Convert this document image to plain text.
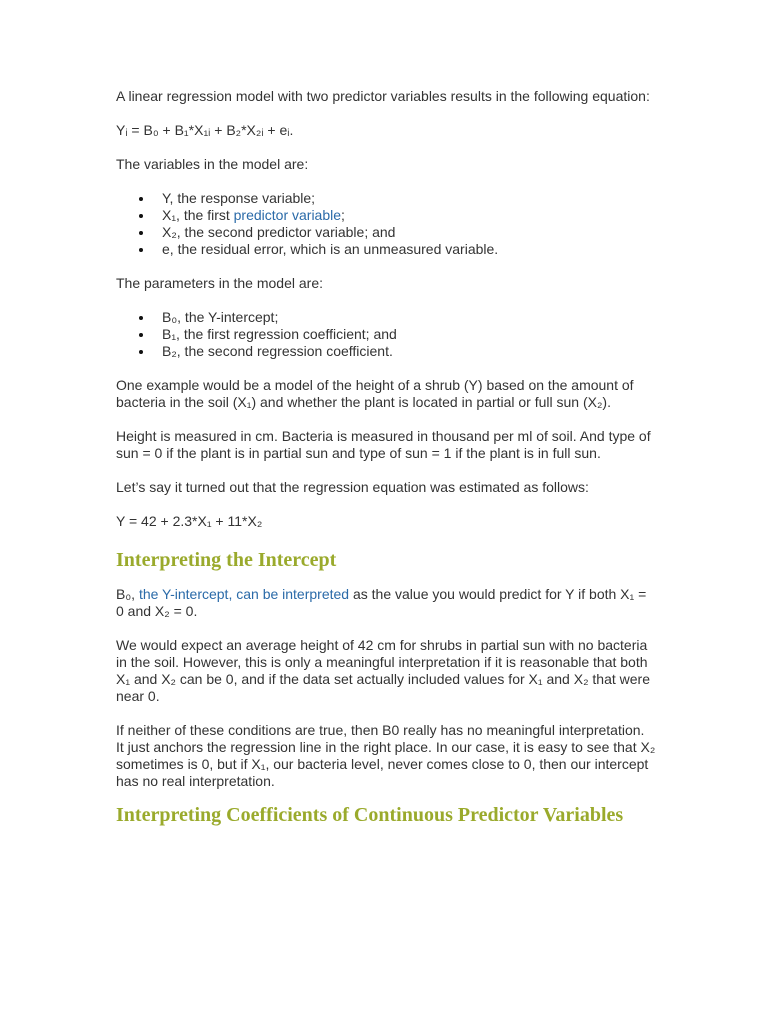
A linear regression model with two predictor variables results in the following equation:

Yᵢ = B₀ + B₁*X₁ᵢ + B₂*X₂ᵢ + eᵢ.

The variables in the model are:

Y, the response variable;
X₁, the first predictor variable;
X₂, the second predictor variable; and
e, the residual error, which is an unmeasured variable.

The parameters in the model are:

B₀, the Y-intercept;
B₁, the first regression coefficient; and
B₂, the second regression coefficient.

One example would be a model of the height of a shrub (Y) based on the amount of bacteria in the soil (X₁) and whether the plant is located in partial or full sun (X₂).

Height is measured in cm. Bacteria is measured in thousand per ml of soil. And type of sun = 0 if the plant is in partial sun and type of sun = 1 if the plant is in full sun.

Let’s say it turned out that the regression equation was estimated as follows:

Y = 42 + 2.3*X₁ + 11*X₂

Interpreting the Intercept

B₀, the Y-intercept, can be interpreted as the value you would predict for Y if both X₁ = 0 and X₂ = 0.

We would expect an average height of 42 cm for shrubs in partial sun with no bacteria in the soil. However, this is only a meaningful interpretation if it is reasonable that both X₁ and X₂ can be 0, and if the data set actually included values for X₁ and X₂ that were near 0.

If neither of these conditions are true, then B0 really has no meaningful interpretation. It just anchors the regression line in the right place. In our case, it is easy to see that X₂ sometimes is 0, but if X₁, our bacteria level, never comes close to 0, then our intercept has no real interpretation.

Interpreting Coefficients of Continuous Predictor Variables
